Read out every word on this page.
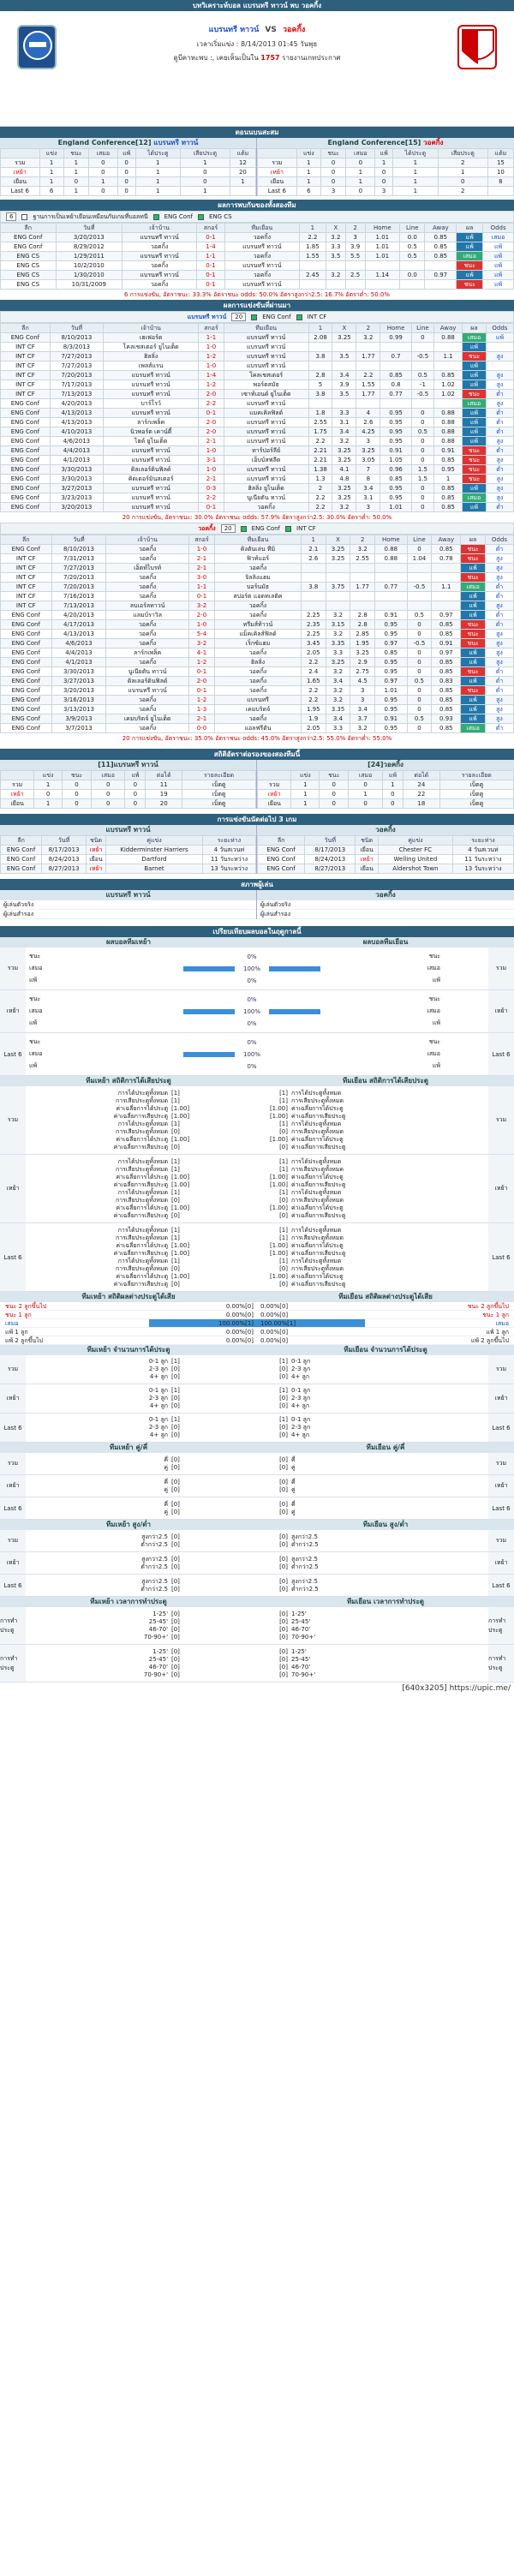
บทวิเคราะห์บอล แบรนทรี ทาวน์ พบ วอคกิ้ง
แบรนทรี ทาวน์ VS วอคกิ้ง
เวลาเริ่มแข่ง : 8/14/2013 01:45 วันพุธ
ดูบีคาหะพบ :, เคยเห็นเป็นใน 1757 รายงานเกทประกาศ
ตอนนบนสะสม
England Conference[12] แบรนทรี ทาวน์
	แข่ง	ชนะ	เสมอ	แพ้	ได้ประตู	เสียประตู	แต้ม
รวม	1	1	0	0	1	1	12
เหย้า	1	1	0	0	1	0	20
เยือน	1	0	1	0	1	0	1
Last 6	6	1	0	0	1	1	
England Conference[15] วอคกิ้ง
	แข่ง	ชนะ	เสมอ	แพ้	ได้ประตู	เสียประตู	แต้ม
รวม	1	0	0	1	1	2	15
เหย้า	1	0	1	0	1	1	10
เยือน	1	0	1	0	1	0	8
Last 6	6	3	0	3	1	2	
ผลการพบกันของทั้งสองทีม
6	ฐานการเป็นเหย้าเยือนเหมือนกับเกมที่บอลทนี	ENG Conf	ENG CS
ลีก	วันที่	เจ้าบ้าน	สกอร์	ทีมเยือน	1	X	2	Home	Line	Away	ผล	Odds
ENG Conf	3/20/2013	แบรนทรี ทาวน์	0-1	วอคกิ้ง	2.2	3.2	3	1.01	0.0	0.85	แพ้	เสมอ
ENG Conf	8/29/2012	วอคกิ้ง	1-4	แบรนทรี ทาวน์	1.85	3.3	3.9	1.01	0.5	0.85	แพ้	แพ้
ENG CS	1/29/2011	แบรนทรี ทาวน์	1-1	วอคกิ้ง	1.55	3.5	5.5	1.01	0.5	0.85	เสมอ	แพ้
ENG CS	10/2/2010	วอคกิ้ง	0-1	แบรนทรี ทาวน์							ชนะ	แพ้
ENG CS	1/30/2010	แบรนทรี ทาวน์	0-1	วอคกิ้ง	2.45	3.2	2.5	1.14	0.0	0.97	แพ้	แพ้
ENG CS	10/31/2009	วอคกิ้ง	0-1	แบรนทรี ทาวน์							ชนะ	แพ้
6 การแข่งขัน, อัตราชนะ: 33.3% อัตราชนะ odds: 50.0% อัตราสูงกว่า2.5: 16.7% อัตราต่ำ: 50.0%
ผลการแข่งขันที่ผ่านมา
แบรนทรี ทาวน์	20	ENG Conf	INT CF
ลีก	วันที่	เจ้าบ้าน	สกอร์	ทีมเยือน	1	X	2	Home	Line	Away	ผล	Odds
ENG Conf	8/10/2013	เฮเฟอร์ด	1-1	แบรนทรี ทาวน์	2.08	3.25	3.2	0.99	0	0.88	เสมอ	แพ้
INT CF	8/3/2013	โคลเชสเตอร์ ยูไนเต็ด	1-0	แบรนทรี ทาวน์							แพ้	
INT CF	7/27/2013	ฮิลลิ่ง	1-2	แบรนทรี ทาวน์	3.8	3.5	1.77	0.7	-0.5	1.1	ชนะ	สูง
INT CF	7/27/2013	เพลส์แรน	1-0	แบรนทรี ทาวน์							แพ้	
INT CF	7/20/2013	แบรนทรี ทาวน์	1-4	โคลเชสเตอร์	2.8	3.4	2.2	0.85	0.5	0.85	แพ้	สูง
INT CF	7/17/2013	แบรนทรี ทาวน์	1-2	พอร์ตสมัธ	5	3.9	1.55	0.8	-1	1.02	แพ้	สูง
INT CF	7/13/2013	แบรนทรี ทาวน์	2-0	เซาท์เอนด์ ยูไนเต็ด	3.8	3.5	1.77	0.77	-0.5	1.02	ชนะ	ต่ำ
ENG Conf	4/20/2013	บาร์โรว์	2-2	แบรนทรี ทาวน์							เสมอ	สูง
ENG Conf	4/13/2013	แบรนทรี ทาวน์	0-1	แมคเคิลฟิลด์	1.8	3.3	4	0.95	0	0.88	แพ้	ต่ำ
ENG Conf	4/13/2013	ลาร์กเพล็ค	2-0	แบรนทรี ทาวน์	2.55	3.1	2.6	0.95	0	0.88	แพ้	ต่ำ
ENG Conf	4/10/2013	นิวพอร์ต เคาน์ตี้	2-0	แบรนทรี ทาวน์	1.75	3.4	4.25	0.95	0.5	0.88	แพ้	ต่ำ
ENG Conf	4/6/2013	ไฮด์ ยูไนเต็ด	2-1	แบรนทรี ทาวน์	2.2	3.2	3	0.95	0	0.88	แพ้	สูง
ENG Conf	4/4/2013	แบรนทรี ทาวน์	1-0	ทาร์ปอร์ลีย์	2.21	3.25	3.25	0.91	0	0.91	ชนะ	ต่ำ
ENG Conf	4/1/2013	แบรนทรี ทาวน์	3-1	เอ็บบ์สฟลีต	2.21	3.25	3.05	1.05	0	0.85	ชนะ	สูง
ENG Conf	3/30/2013	ดิลเลอร์ดินฟิลด์	1-0	แบรนทรี ทาวน์	1.38	4.1	7	0.96	1.5	0.95	ชนะ	ต่ำ
ENG Conf	3/30/2013	คิดเดอร์มินสเตอร์	2-1	แบรนทรี ทาวน์	1.3	4.8	8	0.85	1.5	1	ชนะ	สูง
ENG Conf	3/27/2013	แบรนทรี ทาวน์	0-3	ฮิลลิ่ง ยูไนเต็ด	2	3.25	3.4	0.95	0	0.85	แพ้	สูง
ENG Conf	3/23/2013	แบรนทรี ทาวน์	2-2	นูเนียตัน ทาวน์	2.2	3.25	3.1	0.95	0	0.85	เสมอ	สูง
ENG Conf	3/20/2013	แบรนทรี ทาวน์	0-1	วอคกิ้ง	2.2	3.2	3	1.01	0	0.85	แพ้	ต่ำ
20 การแข่งขัน, อัตราชนะ: 30.0% อัตราชนะ odds: 57.9% อัตราสูงกว่า2.5: 30.0% อัตราต่ำ: 50.0%
วอคกิ้ง	20	ENG Conf	INT CF
ลีก	วันที่	เจ้าบ้าน	สกอร์	ทีมเยือน	1	X	2	Home	Line	Away	ผล	Odds
ENG Conf	8/10/2013	วอคกิ้ง	1-0	ดิงตันเล่น ทีมิ	2.1	3.25	3.2	0.88	0	0.85	ชนะ	ต่ำ
INT CF	7/31/2013	วอคกิ้ง	2-1	ฟิวท์แอร์	2.6	3.25	2.55	0.88	1.04	0.78	ชนะ	สูง
INT CF	7/27/2013	เอ็ตท์ไบรท์	2-1	วอคกิ้ง							แพ้	สูง
INT CF	7/20/2013	วอคกิ้ง	3-0	จิลลิงแฮม							ชนะ	สูง
INT CF	7/20/2013	วอคกิ้ง	1-1	บอร์นมัธ	3.8	3.75	1.77	0.77	-0.5	1.1	เสมอ	ต่ำ
INT CF	7/16/2013	วอคกิ้ง	0-1	สปอร์ต แอดทเลติค							แพ้	ต่ำ
INT CF	7/13/2013	ลบเอร์ลทาวน์	3-2	วอคกิ้ง							แพ้	สูง
ENG Conf	4/20/2013	แลมบ์ราวิล	2-0	วอคกิ้ง	2.25	3.2	2.8	0.91	0.5	0.97	แพ้	ต่ำ
ENG Conf	4/17/2013	วอคกิ้ง	1-0	ทรีมส์ท้าวน์	2.35	3.15	2.8	0.95	0	0.85	ชนะ	ต่ำ
ENG Conf	4/13/2013	วอคกิ้ง	5-4	แม็คเคิลส์ฟิลด์	2.25	3.2	2.85	0.95	0	0.85	ชนะ	สูง
ENG Conf	4/6/2013	วอคกิ้ง	3-2	เร็กซ์แฮม	3.45	3.35	1.95	0.97	-0.5	0.91	ชนะ	สูง
ENG Conf	4/4/2013	ลาร์กเพล็ค	4-1	วอคกิ้ง	2.05	3.3	3.25	0.85	0	0.97	แพ้	สูง
ENG Conf	4/1/2013	วอคกิ้ง	1-2	ฮิลลิ่ง	2.2	3.25	2.9	0.95	0	0.85	แพ้	สูง
ENG Conf	3/30/2013	นูเนียตัน ทาวน์	0-1	วอคกิ้ง	2.4	3.2	2.75	0.95	0	0.85	ชนะ	ต่ำ
ENG Conf	3/27/2013	ดิลเลอร์ดินฟิลด์	2-0	วอคกิ้ง	1.65	3.4	4.5	0.97	0.5	0.83	แพ้	ต่ำ
ENG Conf	3/20/2013	แบรนทรี ทาวน์	0-1	วอคกิ้ง	2.2	3.2	3	1.01	0	0.85	ชนะ	ต่ำ
ENG Conf	3/16/2013	วอคกิ้ง	1-2	แบรนทรี	2.2	3.2	3	0.95	0	0.85	แพ้	สูง
ENG Conf	3/13/2013	วอคกิ้ง	1-3	เคมบริดจ์	1.95	3.35	3.4	0.95	0	0.85	แพ้	สูง
ENG Conf	3/9/2013	เคมบริดจ์ ยูไนเต็ด	2-1	วอคกิ้ง	1.9	3.4	3.7	0.91	0.5	0.93	แพ้	สูง
ENG Conf	3/7/2013	วอคกิ้ง	0-0	แอลฟรีตัน	2.05	3.3	3.2	0.95	0	0.85	เสมอ	ต่ำ
20 การแข่งขัน, อัตราชนะ: 35.0% อัตราชนะ odds: 45.0% อัตราสูงกว่า2.5: 55.0% อัตราต่ำ: 55.0%
สถิติอัตราต่อรองของสองทีมนี้
[11]แบรนทรี ทาวน์
	แข่ง	ชนะ	เสมอ	แพ้	ต่อได้	รายละเอียด
รวม	1	0	0	0	11	เบ็ตตู
เหย้า	0	0	0	0	19	เบ็ตตู
เยือน	1	0	0	0	20	เบ็ตตู
[24]วอคกิ้ง
	แข่ง	ชนะ	เสมอ	แพ้	ต่อได้	รายละเอียด
รวม	1	0	0	1	24	เบ็ตตู
เหย้า	1	0	1	0	22	เบ็ตตู
เยือน	1	0	0	0	18	เบ็ตตู
การแข่งขันนัดต่อไป 3 เกม
แบรนทรี ทาวน์
ลีก	วันที่	ชนิด	คู่แข่ง	ระยะห่าง
ENG Conf	8/17/2013	เหย้า	Kidderminster Harriers	4 วันสเวนท่
ENG Conf	8/24/2013	เยือน	Dartford	11 วันระหว่าง
ENG Conf	8/27/2013	เหย้า	Barnet	13 วันระหว่าง
วอคกิ้ง
ลีก	วันที่	ชนิด	คู่แข่ง	ระยะห่าง
ENG Conf	8/17/2013	เยือน	Chester FC	4 วันสเวนท่
ENG Conf	8/24/2013	เหย้า	Welling United	11 วันระหว่าง
ENG Conf	8/27/2013	เยือน	Aldershot Town	13 วันระหว่าง
สภาพผู้เล่น
แบรนทรี ทาวน์
ผู้เล่นตัวจริง
ผู้เล่นสำรอง
วอคกิ้ง
ผู้เล่นตัวจริง
ผู้เล่นสำรอง
เปรียบเทียบผลบอลในฤดูกาลนี้
ผลบอลทีมเหย้า	ผลบอลทีมเยือน
รวม
ชนะ	0%	ชนะ
เสมอ	100%	เสมอ
แพ้	0%	แพ้
รวม
เหย้า
ชนะ	0%	ชนะ
เสมอ	100%	เสมอ
แพ้	0%	แพ้
เหย้า
Last 6
ชนะ	0%	ชนะ
เสมอ	100%	เสมอ
แพ้	0%	แพ้
Last 6
ทีมเหย้า สถิติการได้เสียประตู	ทีมเยือน สถิติการได้เสียประตู
รวม
การได้ประตูทั้งหมด [1]	[1] การได้ประตูทั้งหมด
การเสียประตูทั้งหมด [1]	[1] การเสียประตูทั้งหมด
ค่าเฉลี่ยการได้ประตู [1.00]	[1.00] ค่าเฉลี่ยการได้ประตู
ค่าเฉลี่ยการเสียประตู [1.00]	[1.00] ค่าเฉลี่ยการเสียประตู
การได้ประตูทั้งหมด [1]	[1] การได้ประตูทั้งหมด
การเสียประตูทั้งหมด [0]	[0] การเสียประตูทั้งหมด
ค่าเฉลี่ยการได้ประตู [1.00]	[1.00] ค่าเฉลี่ยการได้ประตู
ค่าเฉลี่ยการเสียประตู [0]	[0] ค่าเฉลี่ยการเสียประตู
รวม
เหย้า
การได้ประตูทั้งหมด [1]	[1] การได้ประตูทั้งหมด
การเสียประตูทั้งหมด [1]	[1] การเสียประตูทั้งหมด
ค่าเฉลี่ยการได้ประตู [1.00]	[1.00] ค่าเฉลี่ยการได้ประตู
ค่าเฉลี่ยการเสียประตู [1.00]	[1.00] ค่าเฉลี่ยการเสียประตู
การได้ประตูทั้งหมด [1]	[1] การได้ประตูทั้งหมด
การเสียประตูทั้งหมด [0]	[0] การเสียประตูทั้งหมด
ค่าเฉลี่ยการได้ประตู [1.00]	[1.00] ค่าเฉลี่ยการได้ประตู
ค่าเฉลี่ยการเสียประตู [0]	[0] ค่าเฉลี่ยการเสียประตู
เหย้า
Last 6
การได้ประตูทั้งหมด [1]	[1] การได้ประตูทั้งหมด
การเสียประตูทั้งหมด [1]	[1] การเสียประตูทั้งหมด
ค่าเฉลี่ยการได้ประตู [1.00]	[1.00] ค่าเฉลี่ยการได้ประตู
ค่าเฉลี่ยการเสียประตู [1.00]	[1.00] ค่าเฉลี่ยการเสียประตู
การได้ประตูทั้งหมด [1]	[1] การได้ประตูทั้งหมด
การเสียประตูทั้งหมด [0]	[0] การเสียประตูทั้งหมด
ค่าเฉลี่ยการได้ประตู [1.00]	[1.00] ค่าเฉลี่ยการได้ประตู
ค่าเฉลี่ยการเสียประตู [0]	[0] ค่าเฉลี่ยการเสียประตู
Last 6
ทีมเหย้า สถิติผลต่างประตูได้เสีย	ทีมเยือน สถิติผลต่างประตูได้เสีย
ชนะ 2 ลูกขึ้นไป	0.00%[0]	0.00%[0]	ชนะ 2 ลูกขึ้นไป
ชนะ 1 ลูก	0.00%[0]	0.00%[0]	ชนะ 1 ลูก
เสมอ	100.00%[1]	100.00%[1]	เสมอ
แพ้ 1 ลูก	0.00%[0]	0.00%[0]	แพ้ 1 ลูก
แพ้ 2 ลูกขึ้นไป	0.00%[0]	0.00%[0]	แพ้ 2 ลูกขึ้นไป
ทีมเหย้า จำนวนการได้ประตู	ทีมเยือน จำนวนการได้ประตู
รวม
0-1 ลูก [1]	[1] 0-1 ลูก
2-3 ลูก [0]	[0] 2-3 ลูก
4+ ลูก [0]	[0] 4+ ลูก
รวม
เหย้า
0-1 ลูก [1]	[1] 0-1 ลูก
2-3 ลูก [0]	[0] 2-3 ลูก
4+ ลูก [0]	[0] 4+ ลูก
เหย้า
Last 6
0-1 ลูก [1]	[1] 0-1 ลูก
2-3 ลูก [0]	[0] 2-3 ลูก
4+ ลูก [0]	[0] 4+ ลูก
Last 6
ทีมเหย้า คู่/คี่	ทีมเยือน คู่/คี่
รวม
คี่ [0]	[0] คี่
คู่ [0]	[0] คู่
รวม
เหย้า
คี่ [0]	[0] คี่
คู่ [0]	[0] คู่
เหย้า
Last 6
คี่ [0]	[0] คี่
คู่ [0]	[0] คู่	Last 6
ทีมเหย้า สูง/ต่ำ	ทีมเยือน สูง/ต่ำ
รวม
สูงกว่า2.5 [0]	[0] สูงกว่า2.5
ต่ำกว่า2.5 [0]	[0] ต่ำกว่า2.5
รวม
เหย้า
สูงกว่า2.5 [0]	[0] สูงกว่า2.5
ต่ำกว่า2.5 [0]	[0] ต่ำกว่า2.5
เหย้า
Last 6
สูงกว่า2.5 [0]	[0] สูงกว่า2.5
ต่ำกว่า2.5 [0]	[0] ต่ำกว่า2.5	Last 6
ทีมเหย้า เวลาการทำประตู	ทีมเยือน เวลาการทำประตู
การทำ ประตู
1-25' [0]	[0] 1-25'
25-45' [0]	[0] 25-45'
46-70' [0]	[0] 46-70'
70-90+' [0]	[0] 70-90+'
การทำ ประตู
การทำ ประตู
1-25' [0]	[0] 1-25'
25-45' [0]	[0] 25-45'
46-70' [0]	[0] 46-70'
70-90+' [0]	[0] 70-90+'
การทำ ประตู
[640x3205] https://upic.me/
